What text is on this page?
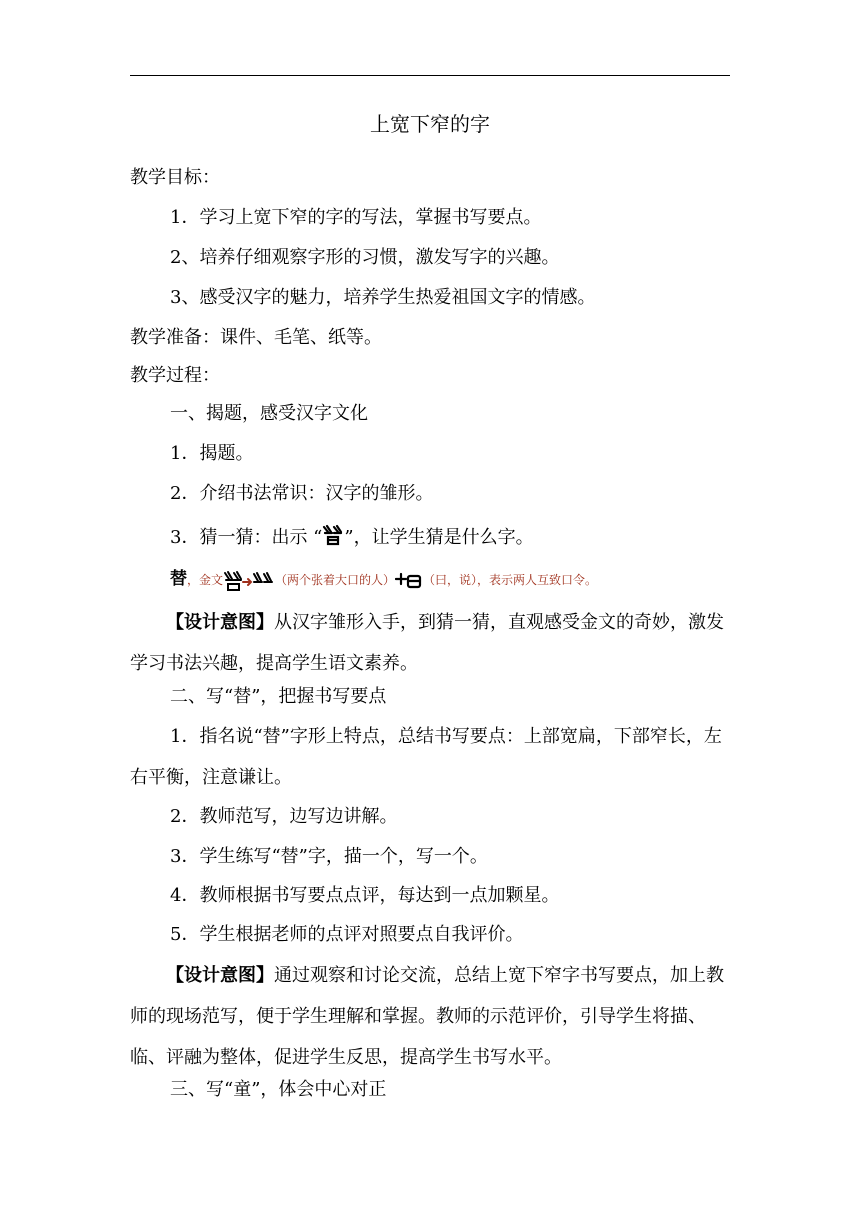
上宽下窄的字
教学目标：
1．学习上宽下窄的字的写法，掌握书写要点。
2、培养仔细观察字形的习惯，激发写字的兴趣。
3、感受汉字的魅力，培养学生热爱祖国文字的情感。
教学准备：课件、毛笔、纸等。
教学过程：
一、揭题，感受汉字文化
1．揭题。
2．介绍书法常识：汉字的雏形。
3．猜一猜：出示 “ ”，让学生猜是什么字。
替，金文	（两个张着大口的人） （曰，说），表示两人互致口令。
【设计意图】从汉字雏形入手，到猜一猜，直观感受金文的奇妙，激发学习书法兴趣，提高学生语文素养。
二、写“替”，把握书写要点
1．指名说“替”字形上特点，总结书写要点：上部宽扁，下部窄长，左右平衡，注意谦让。
2．教师范写，边写边讲解。
3．学生练写“替”字，描一个，写一个。
4．教师根据书写要点点评，每达到一点加颗星。
5．学生根据老师的点评对照要点自我评价。
【设计意图】通过观察和讨论交流，总结上宽下窄字书写要点，加上教师的现场范写，便于学生理解和掌握。教师的示范评价，引导学生将描、临、评融为整体，促进学生反思，提高学生书写水平。
三、写“童”，体会中心对正
